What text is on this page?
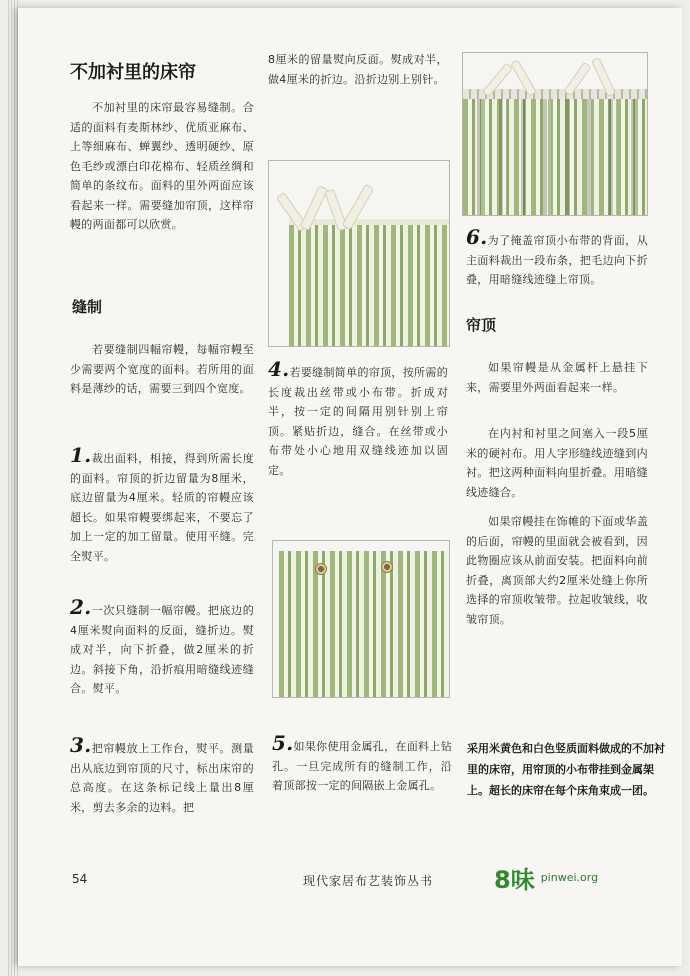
不加衬里的床帘

不加衬里的床帘最容易缝制。合适的面料有麦斯林纱、优质亚麻布、上等细麻布、蝉翼纱、透明硬纱、原色毛纱或漂白印花棉布、轻质丝绸和简单的条纹布。面料的里外两面应该看起来一样。需要缝加帘顶，这样帘幔的两面都可以欣赏。

缝制

若要缝制四幅帘幔，每幅帘幔至少需要两个宽度的面料。若所用的面料是薄纱的话，需要三到四个宽度。

1.裁出面料，相接，得到所需长度的面料。帘顶的折边留量为8厘米，底边留量为4厘米。轻质的帘幔应该超长。如果帘幔要绑起来，不要忘了加上一定的加工留量。使用平缝。完全熨平。

2.一次只缝制一幅帘幔。把底边的4厘米熨向面料的反面，缝折边。熨成对半，向下折叠，做2厘米的折边。斜接下角，沿折痕用暗缝线迹缝合。熨平。

3.把帘幔放上工作台，熨平。测量出从底边到帘顶的尺寸，标出床帘的总高度。在这条标记线上量出8厘米，剪去多余的边料。把

8厘米的留量熨向反面。熨成对半，做4厘米的折边。沿折边别上别针。

4.若要缝制简单的帘顶，按所需的长度裁出丝带或小布带。折成对半，按一定的间隔用别针别上帘顶。紧贴折边，缝合。在丝带或小布带处小心地用双缝线迹加以固定。

5.如果你使用金属孔，在面料上钻孔。一旦完成所有的缝制工作，沿着顶部按一定的间隔嵌上金属孔。

6.为了掩盖帘顶小布带的背面，从主面料裁出一段布条，把毛边向下折叠，用暗缝线迹缝上帘顶。

帘顶

如果帘幔是从金属杆上悬挂下来，需要里外两面看起来一样。

在内衬和衬里之间塞入一段5厘米的硬衬布。用人字形缝线迹缝到内衬。把这两种面料向里折叠。用暗缝线迹缝合。

如果帘幔挂在饰帷的下面或华盖的后面，帘幔的里面就会被看到，因此物圈应该从前面安装。把面料向前折叠，离顶部大约2厘米处缝上你所选择的帘顶收皱带。拉起收皱线，收皱帘顶。

采用米黄色和白色竖质面料做成的不加衬里的床帘，用帘顶的小布带挂到金属架上。超长的床帘在每个床角束成一团。

54	现代家居布艺装饰丛书	8味 pinwei.org
